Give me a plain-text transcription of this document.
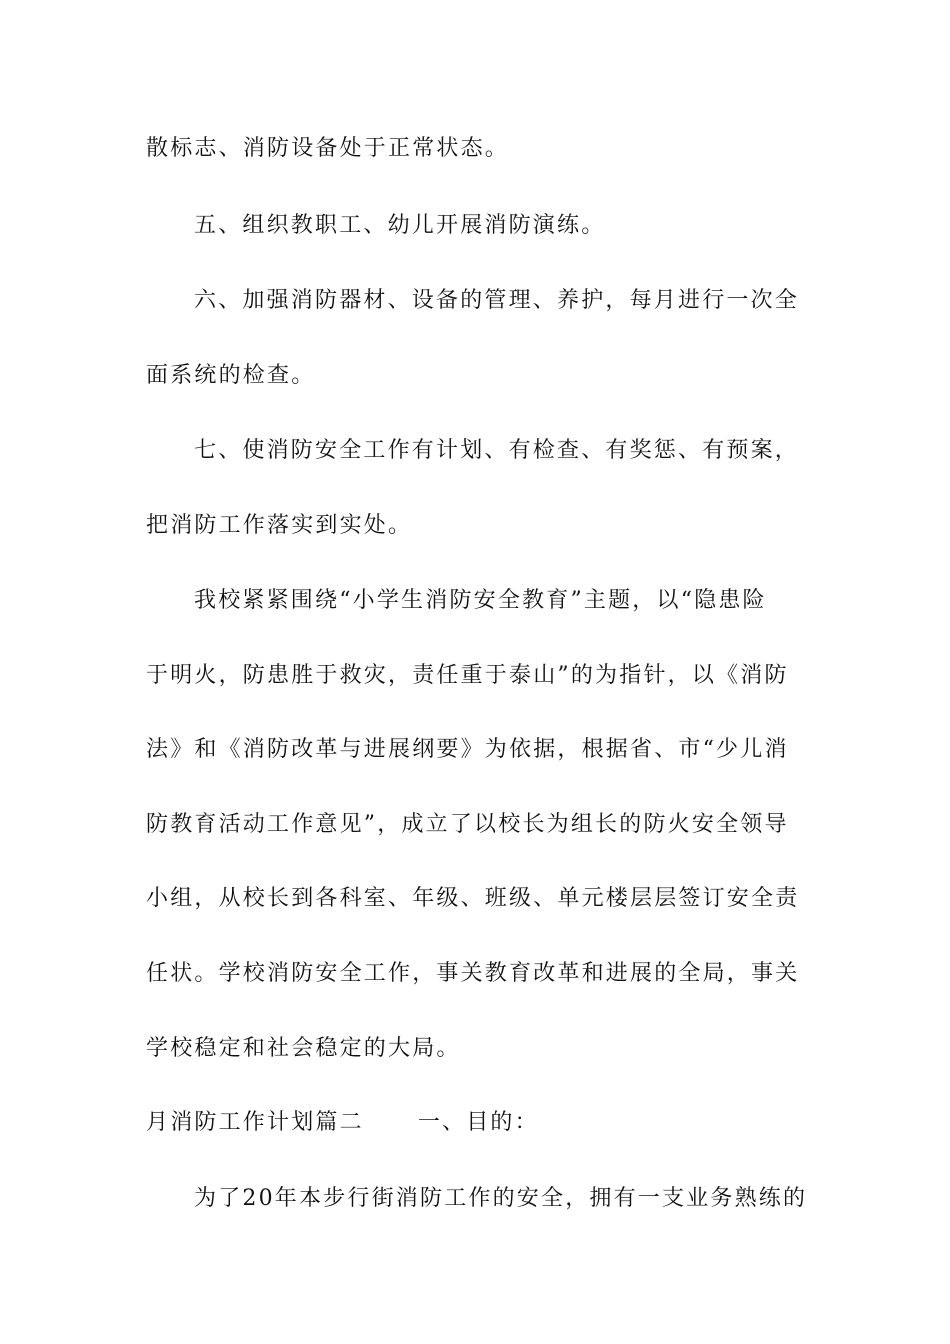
散标志、消防设备处于正常状态。
五、组织教职工、幼儿开展消防演练。
六、加强消防器材、设备的管理、养护，每月进行一次全
面系统的检查。
七、使消防安全工作有计划、有检查、有奖惩、有预案，
把消防工作落实到实处。
我校紧紧围绕“小学生消防安全教育”主题，以“隐患险
于明火，防患胜于救灾，责任重于泰山”的为指针，以《消防
法》和《消防改革与进展纲要》为依据，根据省、市“少儿消
防教育活动工作意见”，成立了以校长为组长的防火安全领导
小组，从校长到各科室、年级、班级、单元楼层层签订安全责
任状。学校消防安全工作，事关教育改革和进展的全局，事关
学校稳定和社会稳定的大局。
月消防工作计划篇二 一、目的：
为了20年本步行街消防工作的安全，拥有一支业务熟练的
